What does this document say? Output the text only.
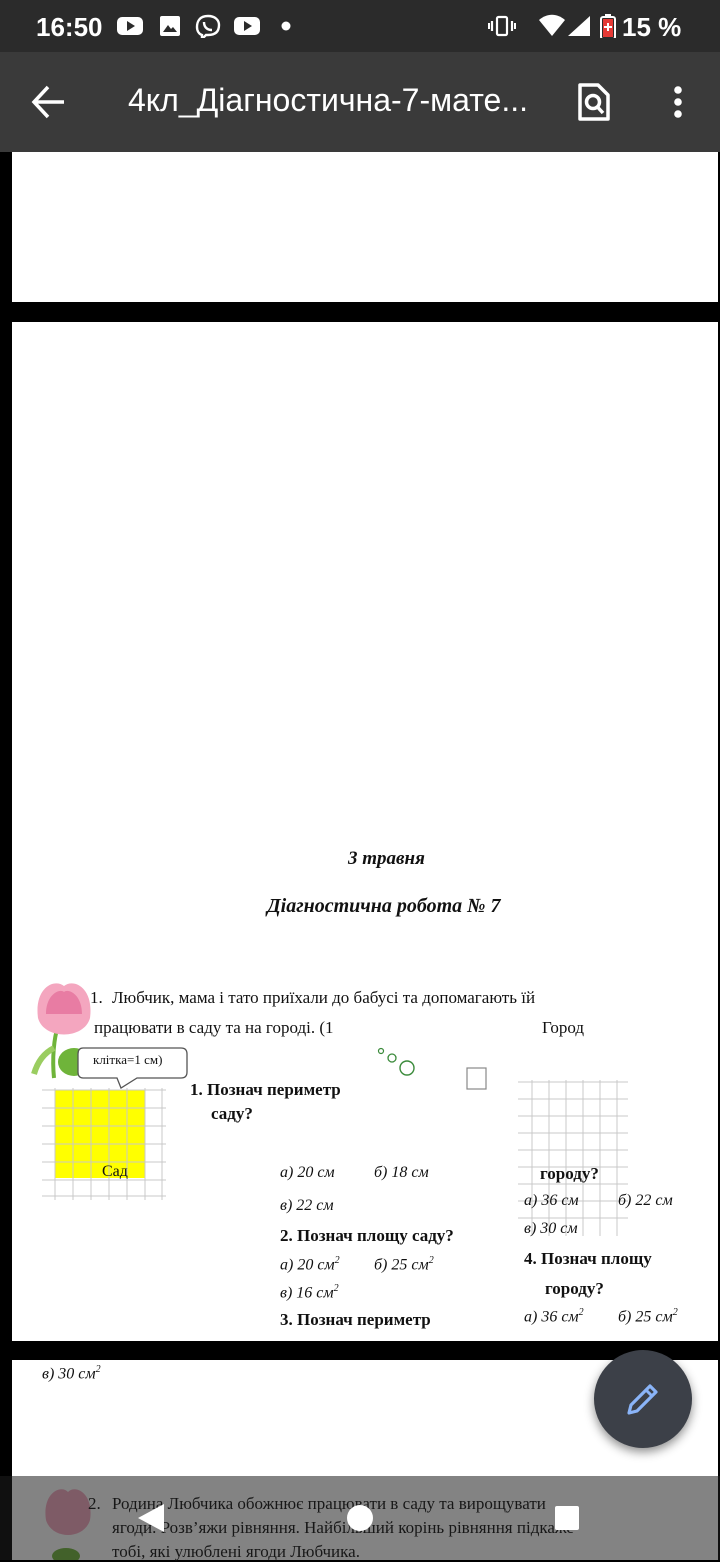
16:50	15 %
4кл_Діагностична-7-мате...
3 травня
Діагностична робота № 7
1. Любчик, мама і тато приїхали до бабусі та допомагають їй
працювати в саду та на городі. (1	Город
клітка=1 см)
Сад
1. Познач периметр
саду?
а) 20 см б) 18 см
в) 22 см
2. Познач площу саду?
а) 20 $см^2$ б) 25 $см^2$
в) 16 $см^2$
3. Познач периметр
городу?
а) 36 см б) 22 см
в) 30 см
4. Познач площу
городу?
а) 36 $см^2$ б) 25 $см^2$
в) 30 $см^2$
